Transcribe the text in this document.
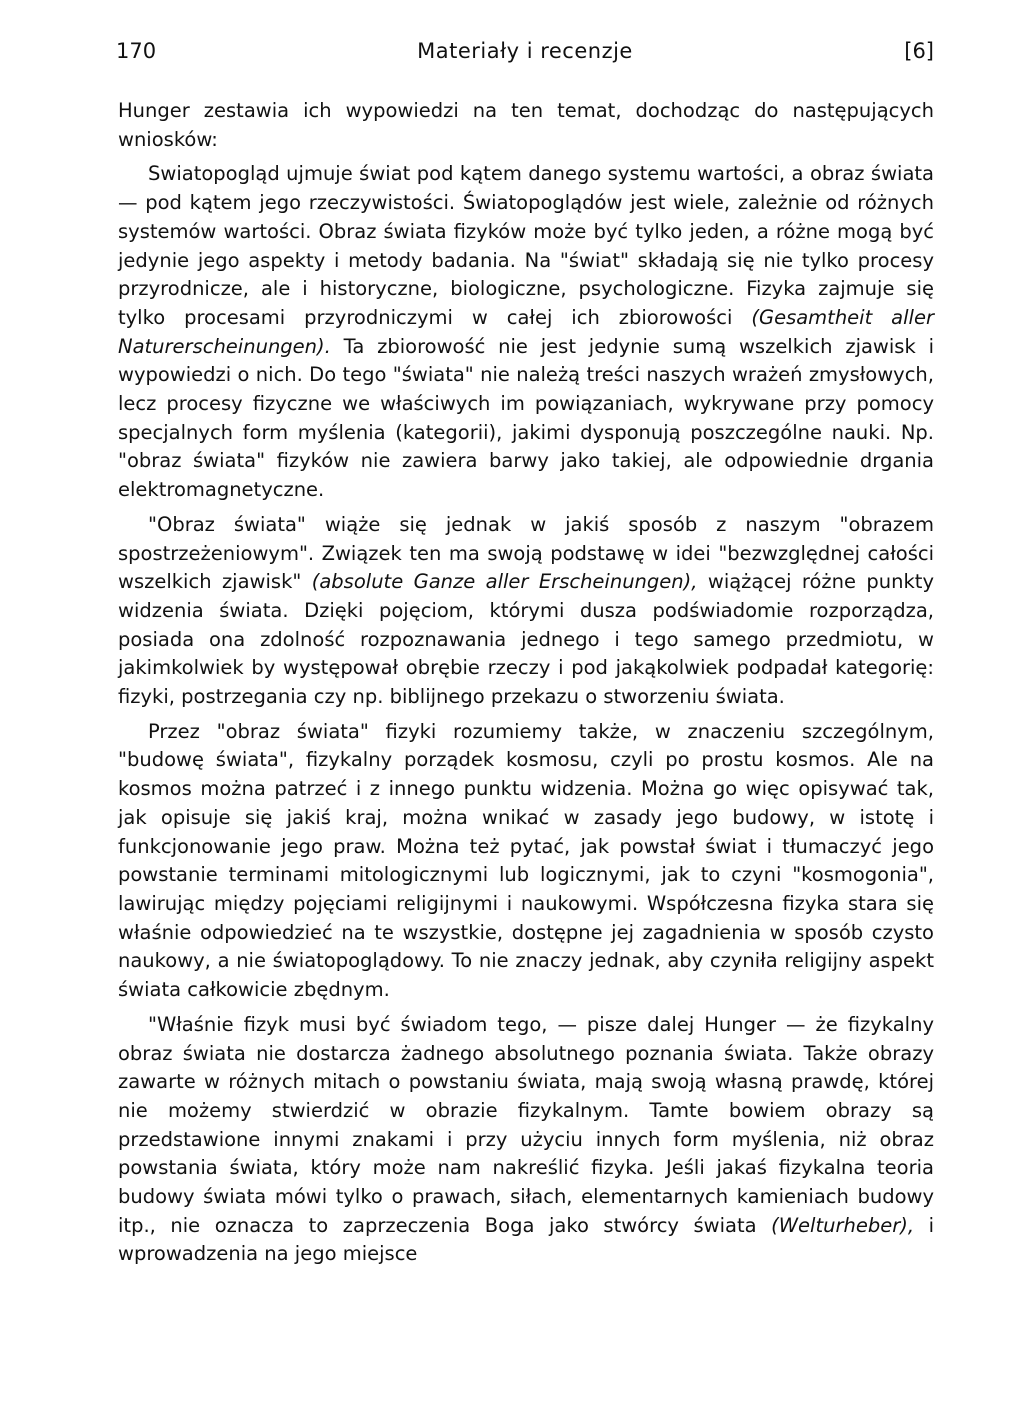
170	Materiały i recenzje	[6]

Hunger zestawia ich wypowiedzi na ten temat, dochodząc do następujących wniosków:

Swiatopogląd ujmuje świat pod kątem danego systemu wartości, a obraz świata — pod kątem jego rzeczywistości. Światopoglądów jest wiele, zależnie od różnych systemów wartości. Obraz świata fizyków może być tylko jeden, a różne mogą być jedynie jego aspekty i metody badania. Na "świat" składają się nie tylko procesy przyrodnicze, ale i historyczne, biologiczne, psychologiczne. Fizyka zajmuje się tylko procesami przyrodniczymi w całej ich zbiorowości (Gesamtheit aller Naturerscheinungen). Ta zbiorowość nie jest jedynie sumą wszelkich zjawisk i wypowiedzi o nich. Do tego "świata" nie należą treści naszych wrażeń zmysłowych, lecz procesy fizyczne we właściwych im powiązaniach, wykrywane przy pomocy specjalnych form myślenia (kategorii), jakimi dysponują poszczególne nauki. Np. "obraz świata" fizyków nie zawiera barwy jako takiej, ale odpowiednie drgania elektromagnetyczne.

"Obraz świata" wiąże się jednak w jakiś sposób z naszym "obrazem spostrzeżeniowym". Związek ten ma swoją podstawę w idei "bezwzględnej całości wszelkich zjawisk" (absolute Ganze aller Erscheinungen), wiążącej różne punkty widzenia świata. Dzięki pojęciom, którymi dusza podświadomie rozporządza, posiada ona zdolność rozpoznawania jednego i tego samego przedmiotu, w jakimkolwiek by występował obrębie rzeczy i pod jakąkolwiek podpadał kategorię: fizyki, postrzegania czy np. biblijnego przekazu o stworzeniu świata.

Przez "obraz świata" fizyki rozumiemy także, w znaczeniu szczególnym, "budowę świata", fizykalny porządek kosmosu, czyli po prostu kosmos. Ale na kosmos można patrzeć i z innego punktu widzenia. Można go więc opisywać tak, jak opisuje się jakiś kraj, można wnikać w zasady jego budowy, w istotę i funkcjonowanie jego praw. Można też pytać, jak powstał świat i tłumaczyć jego powstanie terminami mitologicznymi lub logicznymi, jak to czyni "kosmogonia", lawirując między pojęciami religijnymi i naukowymi. Współczesna fizyka stara się właśnie odpowiedzieć na te wszystkie, dostępne jej zagadnienia w sposób czysto naukowy, a nie światopoglądowy. To nie znaczy jednak, aby czyniła religijny aspekt świata całkowicie zbędnym.

"Właśnie fizyk musi być świadom tego, — pisze dalej Hunger — że fizykalny obraz świata nie dostarcza żadnego absolutnego poznania świata. Także obrazy zawarte w różnych mitach o powstaniu świata, mają swoją własną prawdę, której nie możemy stwierdzić w obrazie fizykalnym. Tamte bowiem obrazy są przedstawione innymi znakami i przy użyciu innych form myślenia, niż obraz powstania świata, który może nam nakreślić fizyka. Jeśli jakaś fizykalna teoria budowy świata mówi tylko o prawach, siłach, elementarnych kamieniach budowy itp., nie oznacza to zaprzeczenia Boga jako stwórcy świata (Welturheber), i wprowadzenia na jego miejsce
